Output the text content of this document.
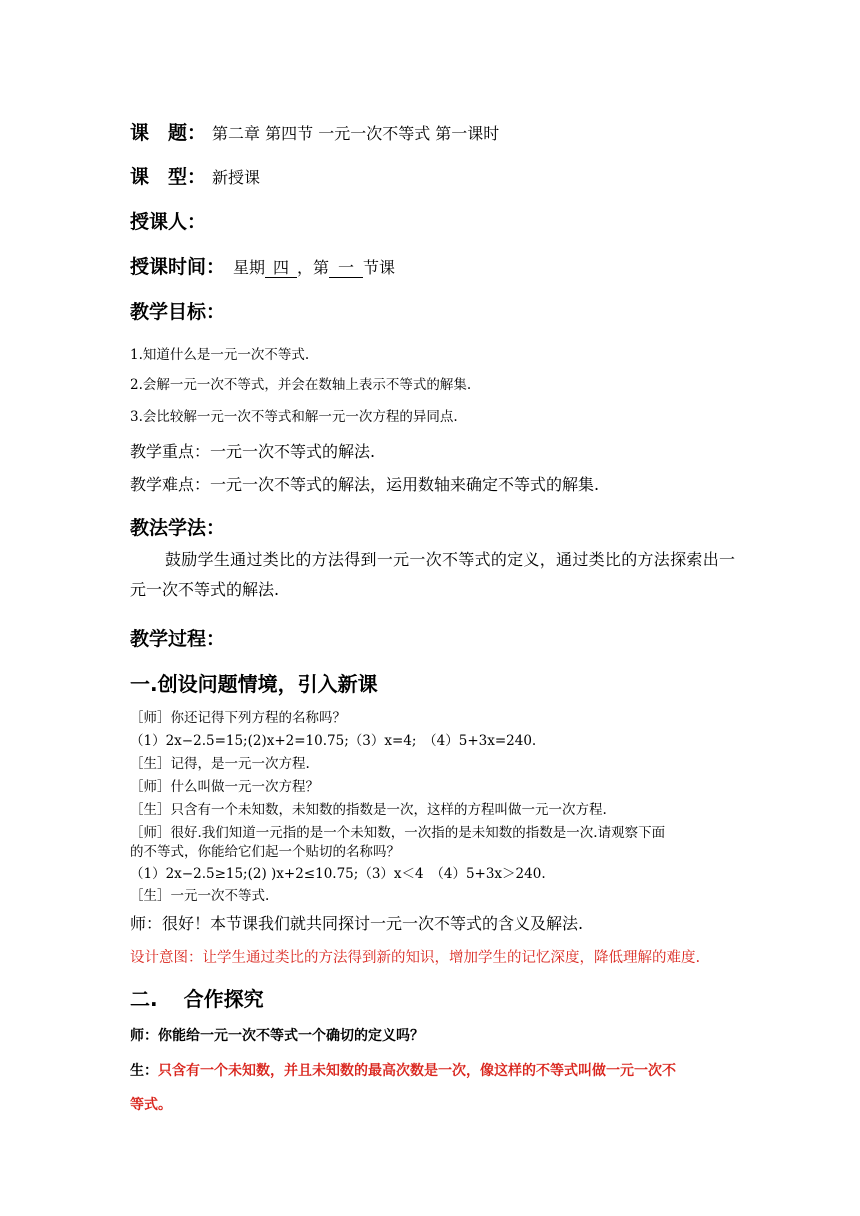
课　题： 第二章 第四节 一元一次不等式 第一课时
课　型： 新授课
授课人：
授课时间： 星期 四 ，第 一 节课
教学目标：
1.知道什么是一元一次不等式.
2.会解一元一次不等式，并会在数轴上表示不等式的解集.
3.会比较解一元一次不等式和解一元一次方程的异同点.
教学重点：一元一次不等式的解法.
教学难点：一元一次不等式的解法，运用数轴来确定不等式的解集.
教法学法：
鼓励学生通过类比的方法得到一元一次不等式的定义，通过类比的方法探索出一元一次不等式的解法.
教学过程：
一.创设问题情境，引入新课
［师］你还记得下列方程的名称吗？
（1）2x−2.5=15;(2)x+2=10.75;（3）x=4;　（4）5+3x=240.
［生］记得，是一元一次方程.
［师］什么叫做一元一次方程？
［生］只含有一个未知数，未知数的指数是一次，这样的方程叫做一元一次方程.
［师］很好.我们知道一元指的是一个未知数，一次指的是未知数的指数是一次.请观察下面
的不等式，你能给它们起一个贴切的名称吗？
（1）2x−2.5≥15;(2) )x+2≤10.75;（3）x＜4　（4）5+3x＞240.
［生］一元一次不等式.
师：很好！本节课我们就共同探讨一元一次不等式的含义及解法.
设计意图：让学生通过类比的方法得到新的知识，增加学生的记忆深度，降低理解的难度.
二. 合作探究
师：你能给一元一次不等式一个确切的定义吗？
生：只含有一个未知数，并且未知数的最高次数是一次，像这样的不等式叫做一元一次不
等式。
